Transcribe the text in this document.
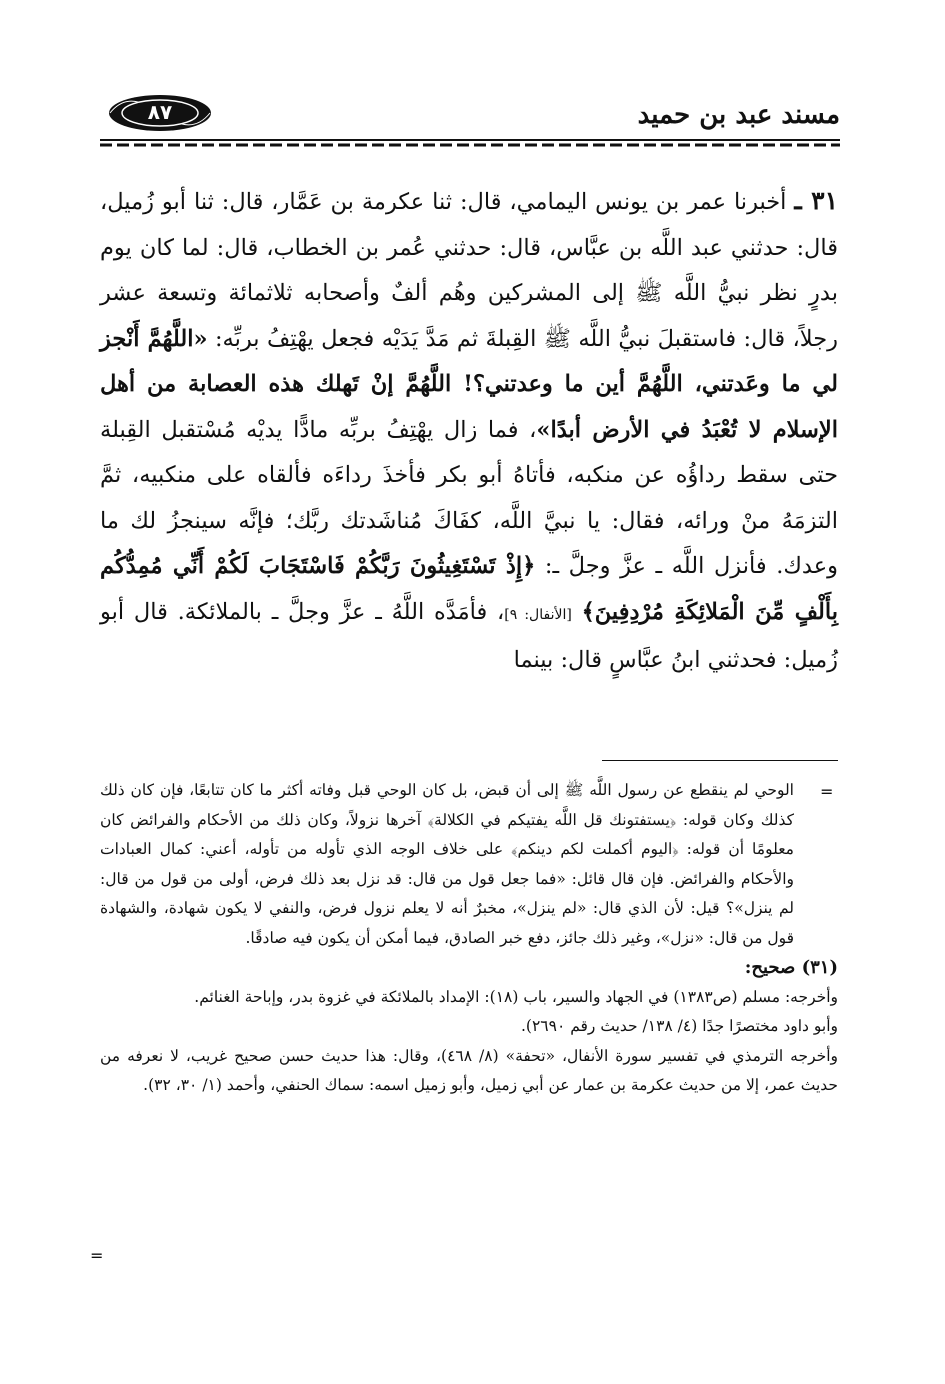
مسند عبد بن حميد
٨٧

٣١ ـ أخبرنا عمر بن يونس اليمامي، قال: ثنا عكرمة بن عَمَّار، قال: ثنا أبو زُميل، قال: حدثني عبد اللَّه بن عبَّاس، قال: حدثني عُمر بن الخطاب، قال: لما كان يوم بدرٍ نظر نبيُّ اللَّه ﷺ إلى المشركين وهُم ألفٌ وأصحابه ثلاثمائة وتسعة عشر رجلاً، قال: فاستقبلَ نبيُّ اللَّه ﷺ القِبلةَ ثم مَدَّ يَدَيْه فجعل يهْتِفُ بربِّه: «اللَّهُمَّ أَنْجز لي ما وعَدتني، اللَّهُمَّ أين ما وعدتني؟! اللَّهُمَّ إنْ تَهلك هذه العصابة من أهل الإسلام لا تُعْبَدُ في الأرض أبدًا»، فما زال يهْتِفُ بربِّه مادًّا يديْه مُسْتقبل القِبلة حتى سقط رداؤُه عن منكبه، فأتاهُ أبو بكر فأخذَ رداءَه فألقاه على منكبيه، ثمَّ التزمَهُ منْ ورائه، فقال: يا نبيَّ اللَّه، كفَاكَ مُناشَدتك ربَّك؛ فإنَّه سينجزُ لك ما وعدك. فأنزل اللَّه ـ عزَّ وجلَّ ـ: ﴿إِذْ تَسْتَغِيثُونَ رَبَّكُمْ فَاسْتَجَابَ لَكُمْ أَنِّي مُمِدُّكُم بِأَلْفٍ مِّنَ الْمَلائِكَةِ مُرْدِفِينَ﴾ [الأنفال: ٩]، فأمَدَّه اللَّهُ ـ عزَّ وجلَّ ـ بالملائكة. قال أبو زُميل: فحدثني ابنُ عبَّاسٍ قال: بينما

=

الوحي لم ينقطع عن رسول اللَّه ﷺ إلى أن قبض، بل كان الوحي قبل وفاته أكثر ما كان تتابعًا، فإن كان ذلك كذلك وكان قوله: ﴿يستفتونك قل اللَّه يفتيكم في الكلالة﴾ آخرها نزولاً، وكان ذلك من الأحكام والفرائض كان معلومًا أن قوله: ﴿اليوم أكملت لكم دينكم﴾ على خلاف الوجه الذي تأوله من تأوله، أعني: كمال العبادات والأحكام والفرائض. فإن قال قائل: «فما جعل قول من قال: قد نزل بعد ذلك فرض، أولى من قول من قال: لم ينزل»؟ قيل: لأن الذي قال: «لم ينزل»، مخبرٌ أنه لا يعلم نزول فرض، والنفي لا يكون شهادة، والشهادة قول من قال: «نزل»، وغير ذلك جائز، دفع خبر الصادق، فيما أمكن أن يكون فيه صادقًا.

(٣١) صحيح:

وأخرجه: مسلم (ص١٣٨٣) في الجهاد والسير، باب (١٨): الإمداد بالملائكة في غزوة بدر، وإباحة الغنائم.

وأبو داود مختصرًا جدًا (٤/ ١٣٨/ حديث رقم ٢٦٩٠).

وأخرجه الترمذي في تفسير سورة الأنفال، «تحفة» (٨/ ٤٦٨)، وقال: هذا حديث حسن صحيح غريب، لا نعرفه من حديث عمر، إلا من حديث عكرمة بن عمار عن أبي زميل، وأبو زميل اسمه: سماك الحنفي، وأحمد (١/ ٣٠، ٣٢).

=
